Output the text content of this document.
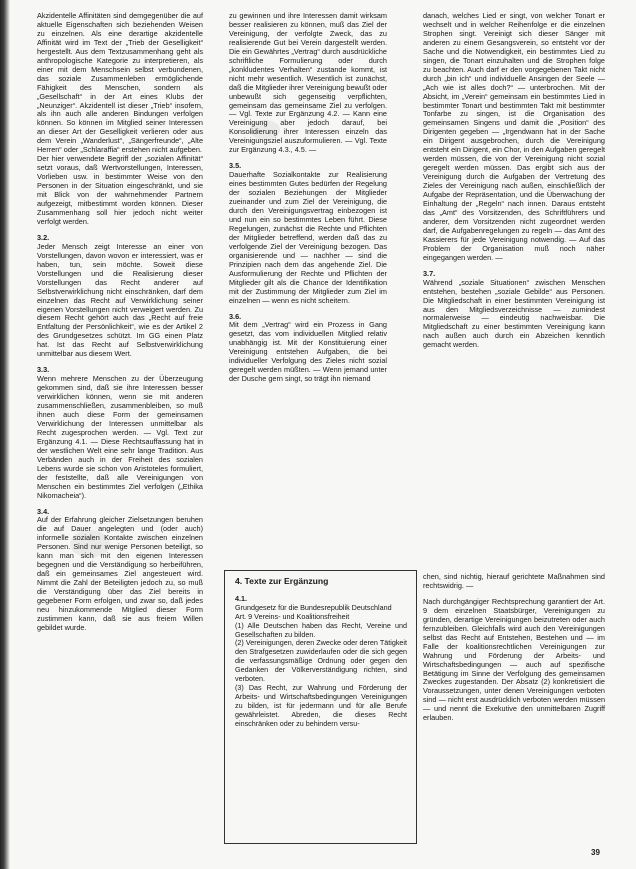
Akzidentelle Affinitäten sind demgegenüber die auf aktuelle Eigenschaften sich beziehenden Weisen zu einzelnen. Als eine derartige akzidentelle Affinität wird im Text der „Trieb der Geselligkeit“ hergestellt. Aus dem Textzusammenhang geht als anthropologische Kategorie zu interpretieren, als einer mit dem Menschsein selbst verbundenen, das soziale Zusammenleben ermöglichende Fähigkeit des Menschen, sondern als „Gesellschaft“ in der Art eines Klubs der „Neunziger“. Akzidentell ist dieser „Trieb“ insofern, als ihn auch alle anderen Bindungen verfolgen können. So können im Mitglied seiner Interessen an dieser Art der Geselligkeit verlieren oder aus dem Verein „Wanderlust“, „Sängerfreunde“, „Alte Herren“ oder „Schlaraffia“ erstehen nicht aufgeben.

Der hier verwendete Begriff der „sozialen Affinität“ setzt voraus, daß Wertvorstellungen, Interessen, Vorlieben usw. in bestimmter Weise von den Personen in der Situation eingeschränkt, und sie mit Blick von der wahrnehmender Partnern aufgezeigt, mitbestimmt worden können. Dieser Zusammenhang soll hier jedoch nicht weiter verfolgt werden.

3.2.

Jeder Mensch zeigt Interesse an einer von Vorstellungen, davon wovon er interessiert, was er haben, tun, sein möchte. Soweit diese Vorstellungen und die Realisierung dieser Vorstellungen das Recht anderer auf Selbstverwirklichung nicht einschränken, darf dem einzelnen das Recht auf Verwirklichung seiner eigenen Vorstellungen nicht verweigert werden. Zu diesem Recht gehört auch das „Recht auf freie Entfaltung der Persönlichkeit“, wie es der Artikel 2 des Grundgesetzes schützt. Im GG einen Platz hat. Ist das Recht auf Selbstverwirklichung unmittelbar aus diesem Wert.

3.3.

Wenn mehrere Menschen zu der Überzeugung gekommen sind, daß sie ihre Interessen besser verwirklichen können, wenn sie mit anderen zusammenschließen, zusammenbleiben, so muß ihnen auch diese Form der gemeinsamen Verwirklichung der Interessen unmittelbar als Recht zugesprochen werden. — Vgl. Text zur Ergänzung 4.1. — Diese Rechtsauffassung hat in der westlichen Welt eine sehr lange Tradition. Aus Verbänden auch in der Freiheit des sozialen Lebens wurde sie schon von Aristoteles formuliert, der feststellte, daß alle Vereinigungen von Menschen ein bestimmtes Ziel verfolgen („Ethika Nikomacheia“).

3.4.

Auf der Erfahrung gleicher Zielsetzungen beruhen die auf Dauer angelegten und (oder auch) informelle sozialen Kontakte zwischen einzelnen Personen. Sind nur wenige Personen beteiligt, so kann man sich mit den eigenen Interessen begegnen und die Verständigung so herbeiführen, daß ein gemeinsames Ziel angesteuert wird. Nimmt die Zahl der Beteiligten jedoch zu, so muß die Verständigung über das Ziel bereits in gegebener Form erfolgen, und zwar so, daß jedes neu hinzukommende Mitglied dieser Form zustimmen kann, daß sie aus freiem Willen gebildet wurde.

zu gewinnen und ihre Interessen damit wirksam besser realisieren zu können, muß das Ziel der Vereinigung, der verfolgte Zweck, das zu realisierende Gut bei Verein dargestellt werden. Die ein Gewährtes „Vertrag“ durch ausdrückliche schriftliche Formulierung oder durch „konkludentes Verhalten“ zustande kommt, ist nicht mehr wesentlich. Wesentlich ist zunächst, daß die Mitglieder ihrer Vereinigung bewußt oder unbewußt sich gegenseitig verpflichten, gemeinsam das gemeinsame Ziel zu verfolgen. — Vgl. Texte zur Ergänzung 4.2. — Kann eine Vereinigung aber jedoch darauf, bei Konsolidierung ihrer Interessen einzeln das Vereinigungsziel auszuformulieren. — Vgl. Texte zur Ergänzung 4.3., 4.5. —

3.5.

Dauerhafte Sozialkontakte zur Realisierung eines bestimmten Gutes bedürfen der Regelung der sozialen Beziehungen der Mitglieder zueinander und zum Ziel der Vereinigung, die durch den Vereinigungsvertrag einbezogen ist und nun ein so bestimmtes Leben führt. Diese Regelungen, zunächst die Rechte und Pflichten der Mitglieder betreffend, werden daß das zu verfolgende Ziel der Vereinigung bezogen. Das organisierende und — nachher — sind die Prinzipien nach dem das angehende Ziel. Die Ausformulierung der Rechte und Pflichten der Mitglieder gilt als die Chance der Identifikation mit der Zustimmung der Mitglieder zum Ziel im einzelnen — wenn es nicht scheitern.

3.6.

Mit dem „Vertrag“ wird ein Prozess in Gang gesetzt, das vom individuellen Mitglied relativ unabhängig ist. Mit der Konstituierung einer Vereinigung entstehen Aufgaben, die bei individueller Verfolgung des Zieles nicht sozial geregelt werden müßten. — Wenn jemand unter der Dusche gern singt, so trägt ihn niemand

danach, welches Lied er singt, von welcher Tonart er wechselt und in welcher Reihenfolge er die einzelnen Strophen singt. Vereinigt sich dieser Sänger mit anderen zu einem Gesangsverein, so entsteht vor der Sache und die Notwendigkeit, ein bestimmtes Lied zu singen, die Tonart einzuhalten und die Strophen folge zu beachten. Auch darf er den vorgegebenen Takt nicht durch „bin ich“ und individuelle Ansingen der Seele — „Ach wie ist alles doch?“ — unterbrochen. Mit der Absicht, im „Verein“ gemeinsam ein bestimmtes Lied in bestimmter Tonart und bestimmten Takt mit bestimmter Tonfarbe zu singen, ist die Organisation des gemeinsamen Singens und damit die „Position“ des Dirigenten gegeben — „Irgendwann hat in der Sache ein Dirigent ausgebrochen, durch die Vereinigung entsteht ein Dirigent, ein Chor, in den Aufgaben geregelt werden müssen, die von der Vereinigung nicht sozial geregelt werden müssen. Das ergibt sich aus der Vereinigung durch die Aufgaben der Vertretung des Zieles der Vereinigung nach außen, einschließlich der Aufgabe der Repräsentation, und die Überwachung der Einhaltung der „Regeln“ nach innen. Daraus entsteht das „Amt“ des Vorsitzenden, des Schriftführers und anderer, dem Vorsitzenden nicht zugeordnet werden darf, die Aufgabenregelungen zu regeln — das Amt des Kassierers für jede Vereinigung notwendig. — Auf das Problem der Organisation muß noch näher eingegangen werden. —

3.7.

Während „soziale Situationen“ zwischen Menschen entstehen, bestehen „soziale Gebilde“ aus Personen. Die Mitgliedschaft in einer bestimmten Vereinigung ist aus den Mitgliedsverzeichnisse — zumindest normalerweise — eindeutig nachweisbar. Die Mitgliedschaft zu einer bestimmten Vereinigung kann nach außen auch durch ein Abzeichen kenntlich gemacht werden.

4. Texte zur Ergänzung

4.1.

Grundgesetz für die Bundesrepublik Deutschland

Art. 9 Vereins- und Koalitionsfreiheit

(1) Alle Deutschen haben das Recht, Vereine und Gesellschaften zu bilden.

(2) Vereinigungen, deren Zwecke oder deren Tätigkeit den Strafgesetzen zuwiderlaufen oder die sich gegen die verfassungsmäßige Ordnung oder gegen den Gedanken der Völkerverständigung richten, sind verboten.

(3) Das Recht, zur Wahrung und Förderung der Arbeits- und Wirtschaftsbedingungen Vereinigungen zu bilden, ist für jedermann und für alle Berufe gewährleistet. Abreden, die dieses Recht einschränken oder zu behindern versu-

chen, sind nichtig, hierauf gerichtete Maßnahmen sind rechtswidrig. —

Nach durchgängiger Rechtsprechung garantiert der Art. 9 dem einzelnen Staatsbürger, Vereinigungen zu gründen, derartige Vereinigungen beizutreten oder auch fernzubleiben. Gleichfalls wird auch den Vereinigungen selbst das Recht auf Entstehen, Bestehen und — im Falle der koalitionsrechtlichen Vereinigungen zur Wahrung und Förderung der Arbeits- und Wirtschaftsbedingungen — auch auf spezifische Betätigung im Sinne der Verfolgung des gemeinsamen Zweckes zugestanden. Der Absatz (2) konkretisiert die Voraussetzungen, unter denen Vereinigungen verboten sind — nicht erst ausdrücklich verboten werden müssen — und nennt die Exekutive den unmittelbaren Zugriff erlauben.

39
